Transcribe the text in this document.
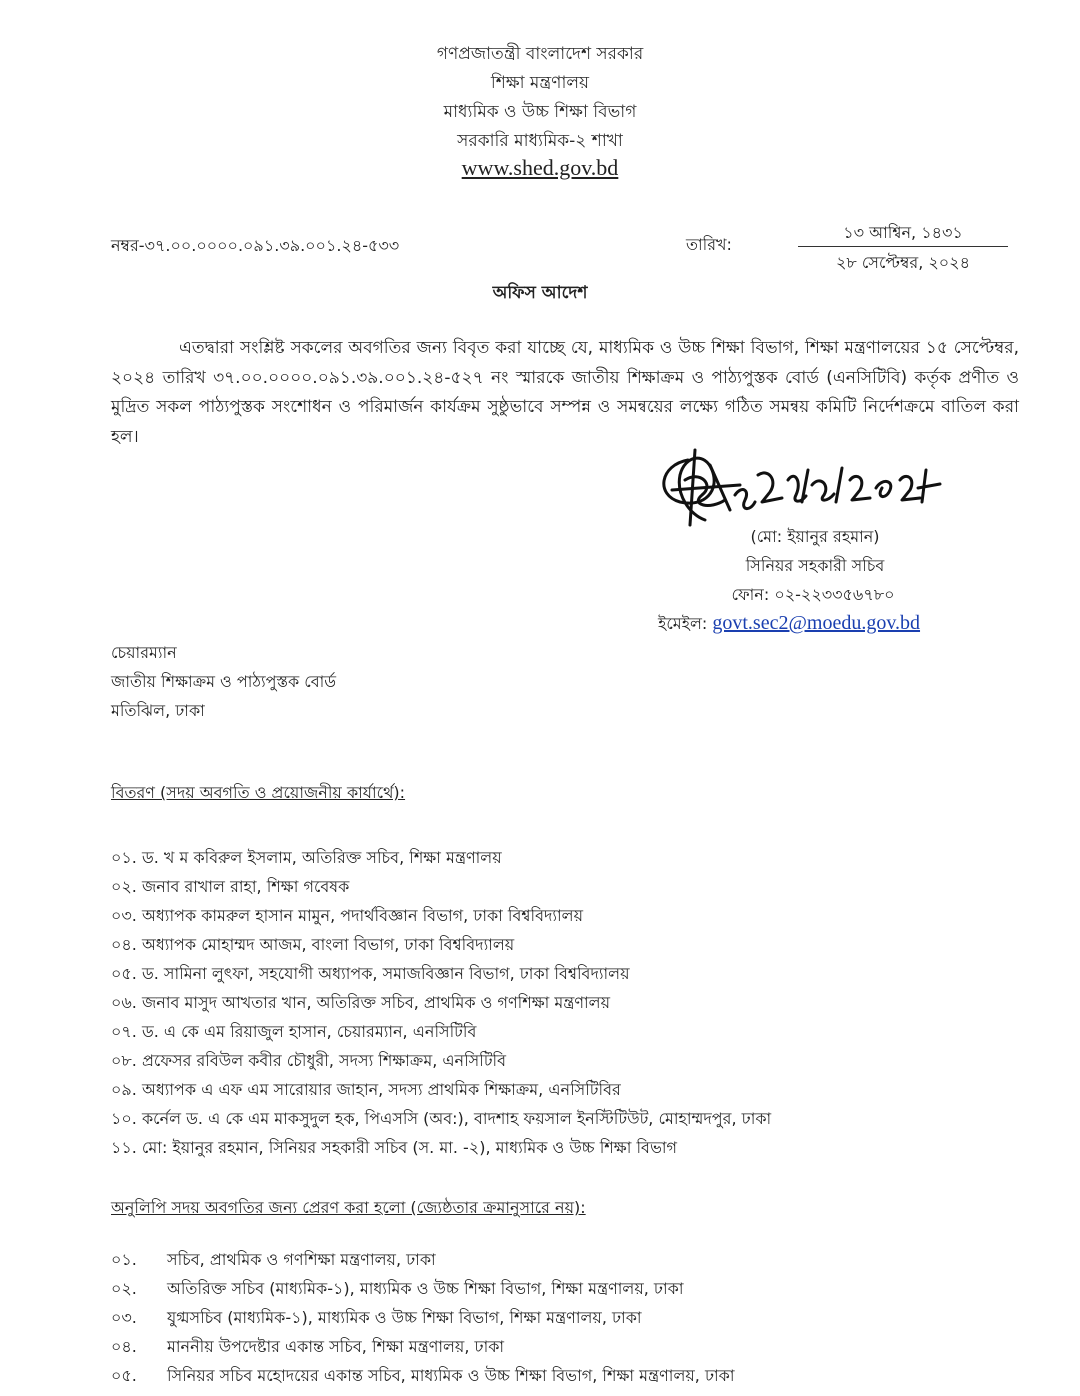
গণপ্রজাতন্ত্রী বাংলাদেশ সরকার
শিক্ষা মন্ত্রণালয়
মাধ্যমিক ও উচ্চ শিক্ষা বিভাগ
সরকারি মাধ্যমিক-২ শাখা
www.shed.gov.bd
নম্বর-৩৭.০০.০০০০.০৯১.৩৯.০০১.২৪-৫৩৩	তারিখ:
১৩ আশ্বিন, ১৪৩১
২৮ সেপ্টেম্বর, ২০২৪
অফিস আদেশ
এতদ্বারা সংশ্লিষ্ট সকলের অবগতির জন্য বিবৃত করা যাচ্ছে যে, মাধ্যমিক ও উচ্চ শিক্ষা বিভাগ, শিক্ষা মন্ত্রণালয়ের ১৫ সেপ্টেম্বর, ২০২৪ তারিখ ৩৭.০০.০০০০.০৯১.৩৯.০০১.২৪-৫২৭ নং স্মারকে জাতীয় শিক্ষাক্রম ও পাঠ্যপুস্তক বোর্ড (এনসিটিবি) কর্তৃক প্রণীত ও মুদ্রিত সকল পাঠ্যপুস্তক সংশোধন ও পরিমার্জন কার্যক্রম সুষ্ঠুভাবে সম্পন্ন ও সমন্বয়ের লক্ষ্যে গঠিত সমন্বয় কমিটি নির্দেশক্রমে বাতিল করা হল।
(মো: ইয়ানুর রহমান)
সিনিয়র সহকারী সচিব
ফোন: ০২-২২৩৩৫৬৭৮০
ইমেইল: govt.sec2@moedu.gov.bd
চেয়ারম্যান
জাতীয় শিক্ষাক্রম ও পাঠ্যপুস্তক বোর্ড
মতিঝিল, ঢাকা
বিতরণ (সদয় অবগতি ও প্রয়োজনীয় কার্যার্থে):
০১. ড. খ ম কবিরুল ইসলাম, অতিরিক্ত সচিব, শিক্ষা মন্ত্রণালয়
০২. জনাব রাখাল রাহা, শিক্ষা গবেষক
০৩. অধ্যাপক কামরুল হাসান মামুন, পদার্থবিজ্ঞান বিভাগ, ঢাকা বিশ্ববিদ্যালয়
০৪. অধ্যাপক মোহাম্মদ আজম, বাংলা বিভাগ, ঢাকা বিশ্ববিদ্যালয়
০৫. ড. সামিনা লুৎফা, সহযোগী অধ্যাপক, সমাজবিজ্ঞান বিভাগ, ঢাকা বিশ্ববিদ্যালয়
০৬. জনাব মাসুদ আখতার খান, অতিরিক্ত সচিব, প্রাথমিক ও গণশিক্ষা মন্ত্রণালয়
০৭. ড. এ কে এম রিয়াজুল হাসান, চেয়ারম্যান, এনসিটিবি
০৮. প্রফেসর রবিউল কবীর চৌধুরী, সদস্য শিক্ষাক্রম, এনসিটিবি
০৯. অধ্যাপক এ এফ এম সারোয়ার জাহান, সদস্য প্রাথমিক শিক্ষাক্রম, এনসিটিবির
১০. কর্নেল ড. এ কে এম মাকসুদুল হক, পিএসসি (অব:), বাদশাহ ফয়সাল ইনস্টিটিউট, মোহাম্মদপুর, ঢাকা
১১. মো: ইয়ানুর রহমান, সিনিয়র সহকারী সচিব (স. মা. -২), মাধ্যমিক ও উচ্চ শিক্ষা বিভাগ
অনুলিপি সদয় অবগতির জন্য প্রেরণ করা হলো (জ্যেষ্ঠতার ক্রমানুসারে নয়):
০১. সচিব, প্রাথমিক ও গণশিক্ষা মন্ত্রণালয়, ঢাকা
০২. অতিরিক্ত সচিব (মাধ্যমিক-১), মাধ্যমিক ও উচ্চ শিক্ষা বিভাগ, শিক্ষা মন্ত্রণালয়, ঢাকা
০৩. যুগ্মসচিব (মাধ্যমিক-১), মাধ্যমিক ও উচ্চ শিক্ষা বিভাগ, শিক্ষা মন্ত্রণালয়, ঢাকা
০৪. মাননীয় উপদেষ্টার একান্ত সচিব, শিক্ষা মন্ত্রণালয়, ঢাকা
০৫. সিনিয়র সচিব মহোদয়ের একান্ত সচিব, মাধ্যমিক ও উচ্চ শিক্ষা বিভাগ, শিক্ষা মন্ত্রণালয়, ঢাকা
